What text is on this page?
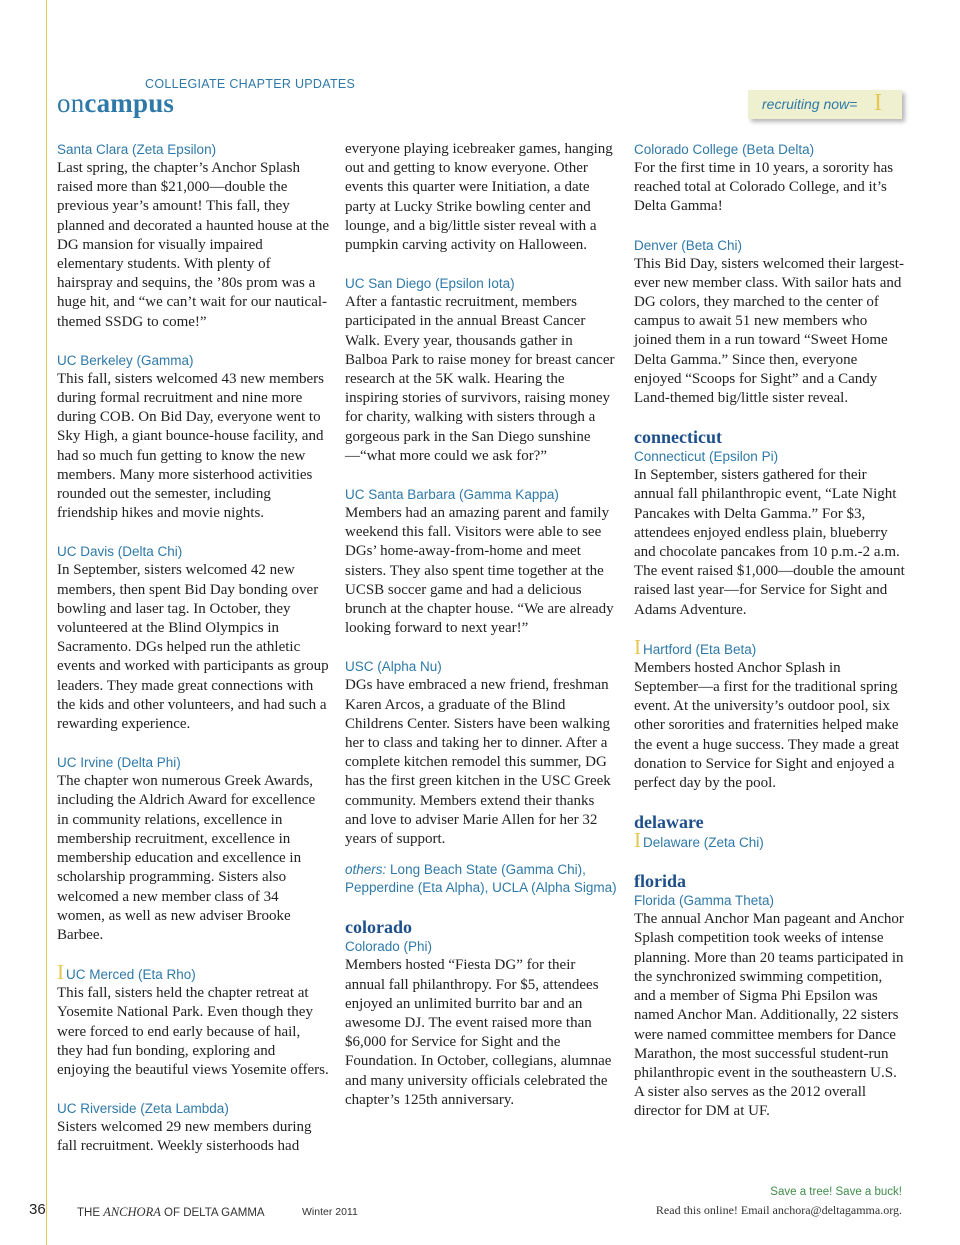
COLLEGIATE CHAPTER UPDATES
oncampus	recruiting now= I
Santa Clara (Zeta Epsilon)

Last spring, the chapter’s Anchor Splash raised more than $21,000—double the previous year’s amount! This fall, they planned and decorated a haunted house at the DG mansion for visually impaired elementary students. With plenty of hairspray and sequins, the ’80s prom was a huge hit, and “we can’t wait for our nautical-themed SSDG to come!”

UC Berkeley (Gamma)

This fall, sisters welcomed 43 new members during formal recruitment and nine more during COB. On Bid Day, everyone went to Sky High, a giant bounce-house facility, and had so much fun getting to know the new members. Many more sisterhood activities rounded out the semester, including friendship hikes and movie nights.

UC Davis (Delta Chi)

In September, sisters welcomed 42 new members, then spent Bid Day bonding over bowling and laser tag. In October, they volunteered at the Blind Olympics in Sacramento. DGs helped run the athletic events and worked with participants as group leaders. They made great connections with the kids and other volunteers, and had such a rewarding experience.

UC Irvine (Delta Phi)

The chapter won numerous Greek Awards, including the Aldrich Award for excellence in community relations, excellence in membership recruitment, excellence in membership education and excellence in scholarship programming. Sisters also welcomed a new member class of 34 women, as well as new adviser Brooke Barbee.

IUC Merced (Eta Rho)

This fall, sisters held the chapter retreat at Yosemite National Park. Even though they were forced to end early because of hail, they had fun bonding, exploring and enjoying the beautiful views Yosemite offers.

UC Riverside (Zeta Lambda)

Sisters welcomed 29 new members during fall recruitment. Weekly sisterhoods had

everyone playing icebreaker games, hanging out and getting to know everyone. Other events this quarter were Initiation, a date party at Lucky Strike bowling center and lounge, and a big/little sister reveal with a pumpkin carving activity on Halloween.

UC San Diego (Epsilon Iota)

After a fantastic recruitment, members participated in the annual Breast Cancer Walk. Every year, thousands gather in Balboa Park to raise money for breast cancer research at the 5K walk. Hearing the inspiring stories of survivors, raising money for charity, walking with sisters through a gorgeous park in the San Diego sunshine—“what more could we ask for?”

UC Santa Barbara (Gamma Kappa)

Members had an amazing parent and family weekend this fall. Visitors were able to see DGs’ home-away-from-home and meet sisters. They also spent time together at the UCSB soccer game and had a delicious brunch at the chapter house. “We are already looking forward to next year!”

USC (Alpha Nu)

DGs have embraced a new friend, freshman Karen Arcos, a graduate of the Blind Childrens Center. Sisters have been walking her to class and taking her to dinner. After a complete kitchen remodel this summer, DG has the first green kitchen in the USC Greek community. Members extend their thanks and love to adviser Marie Allen for her 32 years of support.

others: Long Beach State (Gamma Chi), Pepperdine (Eta Alpha), UCLA (Alpha Sigma)
colorado
Colorado (Phi)

Members hosted “Fiesta DG” for their annual fall philanthropy. For $5, attendees enjoyed an unlimited burrito bar and an awesome DJ. The event raised more than $6,000 for Service for Sight and the Foundation. In October, collegians, alumnae and many university officials celebrated the chapter’s 125th anniversary.

Colorado College (Beta Delta)

For the first time in 10 years, a sorority has reached total at Colorado College, and it’s Delta Gamma!

Denver (Beta Chi)

This Bid Day, sisters welcomed their largest-ever new member class. With sailor hats and DG colors, they marched to the center of campus to await 51 new members who joined them in a run toward “Sweet Home Delta Gamma.” Since then, everyone enjoyed “Scoops for Sight” and a Candy Land-themed big/little sister reveal.

connecticut
Connecticut (Epsilon Pi)

In September, sisters gathered for their annual fall philanthropic event, “Late Night Pancakes with Delta Gamma.” For $3, attendees enjoyed endless plain, blueberry and chocolate pancakes from 10 p.m.-2 a.m. The event raised $1,000—double the amount raised last year—for Service for Sight and Adams Adventure.

I Hartford (Eta Beta)

Members hosted Anchor Splash in September—a first for the traditional spring event. At the university’s outdoor pool, six other sororities and fraternities helped make the event a huge success. They made a great donation to Service for Sight and enjoyed a perfect day by the pool.

delaware
I Delaware (Zeta Chi)
florida
Florida (Gamma Theta)

The annual Anchor Man pageant and Anchor Splash competition took weeks of intense planning. More than 20 teams participated in the synchronized swimming competition, and a member of Sigma Phi Epsilon was named Anchor Man. Additionally, 22 sisters were named committee members for Dance Marathon, the most successful student-run philanthropic event in the southeastern U.S. A sister also serves as the 2012 overall director for DM at UF.

36	THE ANCHORA OF DELTA GAMMA	Winter 2011
Save a tree! Save a buck!
Read this online! Email anchora@deltagamma.org.
